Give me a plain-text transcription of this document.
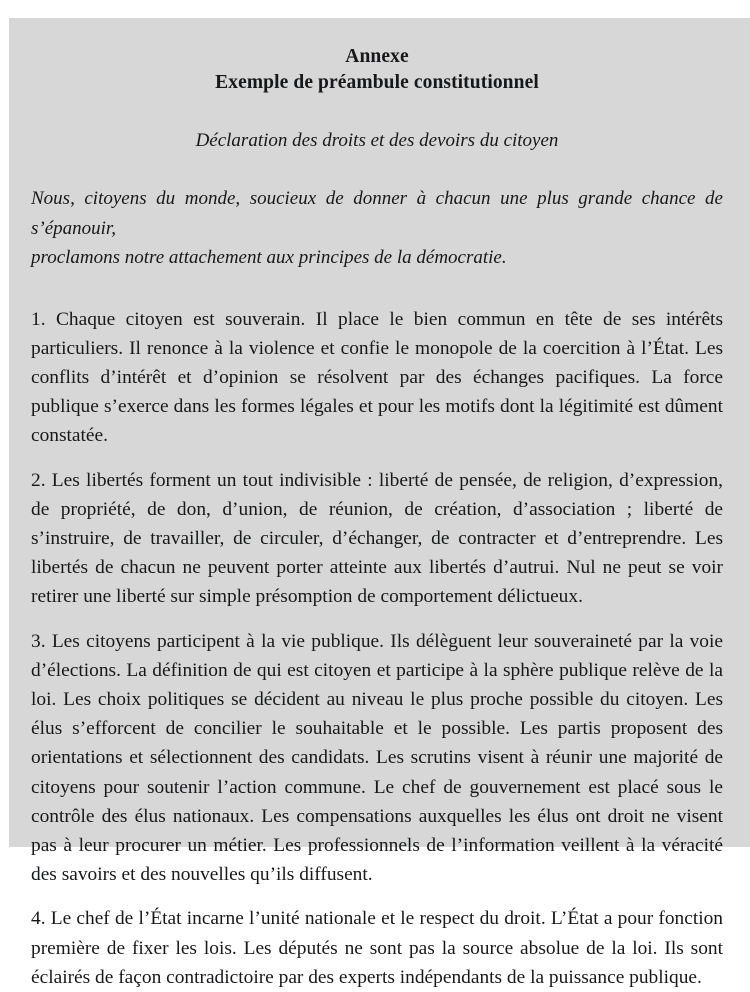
Annexe
Exemple de préambule constitutionnel
Déclaration des droits et des devoirs du citoyen
Nous, citoyens du monde, soucieux de donner à chacun une plus grande chance de s’épanouir,
proclamons notre attachement aux principes de la démocratie.

1. Chaque citoyen est souverain. Il place le bien commun en tête de ses intérêts particuliers. Il renonce à la violence et confie le monopole de la coercition à l’État. Les conflits d’intérêt et d’opinion se résolvent par des échanges pacifiques. La force publique s’exerce dans les formes légales et pour les motifs dont la légitimité est dûment constatée.

2. Les libertés forment un tout indivisible : liberté de pensée, de religion, d’expression, de propriété, de don, d’union, de réunion, de création, d’association ; liberté de s’instruire, de travailler, de circuler, d’échanger, de contracter et d’entreprendre. Les libertés de chacun ne peuvent porter atteinte aux libertés d’autrui. Nul ne peut se voir retirer une liberté sur simple présomption de comportement délictueux.

3. Les citoyens participent à la vie publique. Ils délèguent leur souveraineté par la voie d’élections. La définition de qui est citoyen et participe à la sphère publique relève de la loi. Les choix politiques se décident au niveau le plus proche possible du citoyen. Les élus s’efforcent de concilier le souhaitable et le possible. Les partis proposent des orientations et sélectionnent des candidats. Les scrutins visent à réunir une majorité de citoyens pour soutenir l’action commune. Le chef de gouvernement est placé sous le contrôle des élus nationaux. Les compensations auxquelles les élus ont droit ne visent pas à leur procurer un métier. Les professionnels de l’information veillent à la véracité des savoirs et des nouvelles qu’ils diffusent.

4. Le chef de l’État incarne l’unité nationale et le respect du droit. L’État a pour fonction première de fixer les lois. Les députés ne sont pas la source absolue de la loi. Ils sont éclairés de façon contradictoire par des experts indépendants de la puissance publique.
